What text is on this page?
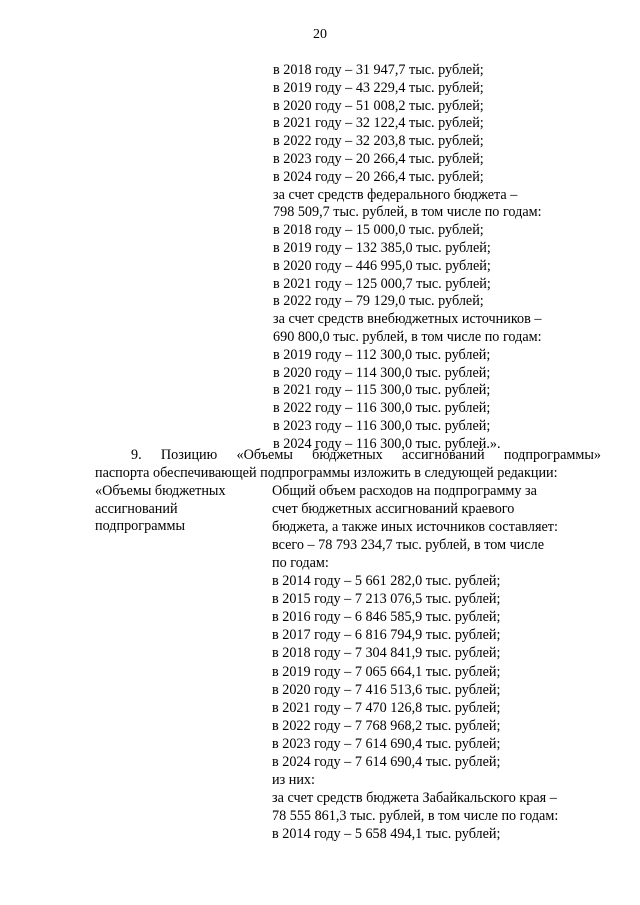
20
в 2018 году – 31 947,7 тыс. рублей;
в 2019 году – 43 229,4 тыс. рублей;
в 2020 году – 51 008,2 тыс. рублей;
в 2021 году – 32 122,4 тыс. рублей;
в 2022 году – 32 203,8 тыс. рублей;
в 2023 году – 20 266,4 тыс. рублей;
в 2024 году – 20 266,4 тыс. рублей;
за счет средств федерального бюджета –
798 509,7 тыс. рублей, в том числе по годам:
в 2018 году – 15 000,0 тыс. рублей;
в 2019 году – 132 385,0 тыс. рублей;
в 2020 году – 446 995,0 тыс. рублей;
в 2021 году – 125 000,7 тыс. рублей;
в 2022 году – 79 129,0 тыс. рублей;
за счет средств внебюджетных источников –
690 800,0 тыс. рублей, в том числе по годам:
в 2019 году – 112 300,0 тыс. рублей;
в 2020 году – 114 300,0 тыс. рублей;
в 2021 году – 115 300,0 тыс. рублей;
в 2022 году – 116 300,0 тыс. рублей;
в 2023 году – 116 300,0 тыс. рублей;
в 2024 году – 116 300,0 тыс. рублей.».
9. Позицию «Объемы бюджетных ассигнований подпрограммы»
паспорта обеспечивающей подпрограммы изложить в следующей редакции:
«Объемы бюджетных
ассигнований
подпрограммы
Общий объем расходов на подпрограмму за
счет бюджетных ассигнований краевого
бюджета, а также иных источников составляет:
всего – 78 793 234,7 тыс. рублей, в том числе
по годам:
в 2014 году – 5 661 282,0 тыс. рублей;
в 2015 году – 7 213 076,5 тыс. рублей;
в 2016 году – 6 846 585,9 тыс. рублей;
в 2017 году – 6 816 794,9 тыс. рублей;
в 2018 году – 7 304 841,9 тыс. рублей;
в 2019 году – 7 065 664,1 тыс. рублей;
в 2020 году – 7 416 513,6 тыс. рублей;
в 2021 году – 7 470 126,8 тыс. рублей;
в 2022 году – 7 768 968,2 тыс. рублей;
в 2023 году – 7 614 690,4 тыс. рублей;
в 2024 году – 7 614 690,4 тыс. рублей;
из них:
за счет средств бюджета Забайкальского края –
78 555 861,3 тыс. рублей, в том числе по годам:
в 2014 году – 5 658 494,1 тыс. рублей;
